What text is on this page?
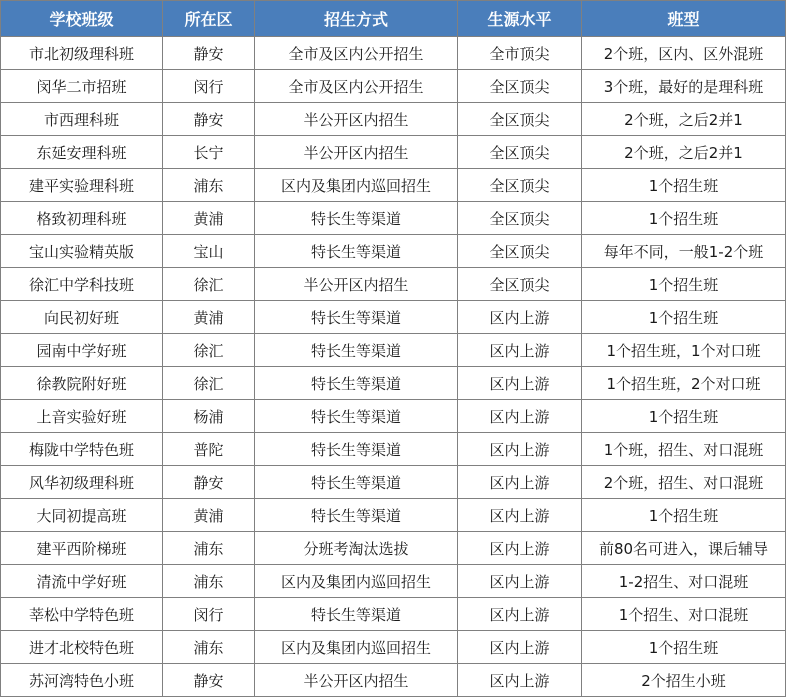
学校班级	所在区	招生方式	生源水平	班型
市北初级理科班	静安	全市及区内公开招生	全市顶尖	2个班，区内、区外混班
闵华二市招班	闵行	全市及区内公开招生	全区顶尖	3个班，最好的是理科班
市西理科班	静安	半公开区内招生	全区顶尖	2个班，之后2并1
东延安理科班	长宁	半公开区内招生	全区顶尖	2个班，之后2并1
建平实验理科班	浦东	区内及集团内巡回招生	全区顶尖	1个招生班
格致初理科班	黄浦	特长生等渠道	全区顶尖	1个招生班
宝山实验精英版	宝山	特长生等渠道	全区顶尖	每年不同，一般1-2个班
徐汇中学科技班	徐汇	半公开区内招生	全区顶尖	1个招生班
向民初好班	黄浦	特长生等渠道	区内上游	1个招生班
园南中学好班	徐汇	特长生等渠道	区内上游	1个招生班，1个对口班
徐教院附好班	徐汇	特长生等渠道	区内上游	1个招生班，2个对口班
上音实验好班	杨浦	特长生等渠道	区内上游	1个招生班
梅陇中学特色班	普陀	特长生等渠道	区内上游	1个班，招生、对口混班
风华初级理科班	静安	特长生等渠道	区内上游	2个班，招生、对口混班
大同初提高班	黄浦	特长生等渠道	区内上游	1个招生班
建平西阶梯班	浦东	分班考淘汰选拔	区内上游	前80名可进入，课后辅导
清流中学好班	浦东	区内及集团内巡回招生	区内上游	1-2招生、对口混班
莘松中学特色班	闵行	特长生等渠道	区内上游	1个招生、对口混班
进才北校特色班	浦东	区内及集团内巡回招生	区内上游	1个招生班
苏河湾特色小班	静安	半公开区内招生	区内上游	2个招生小班
